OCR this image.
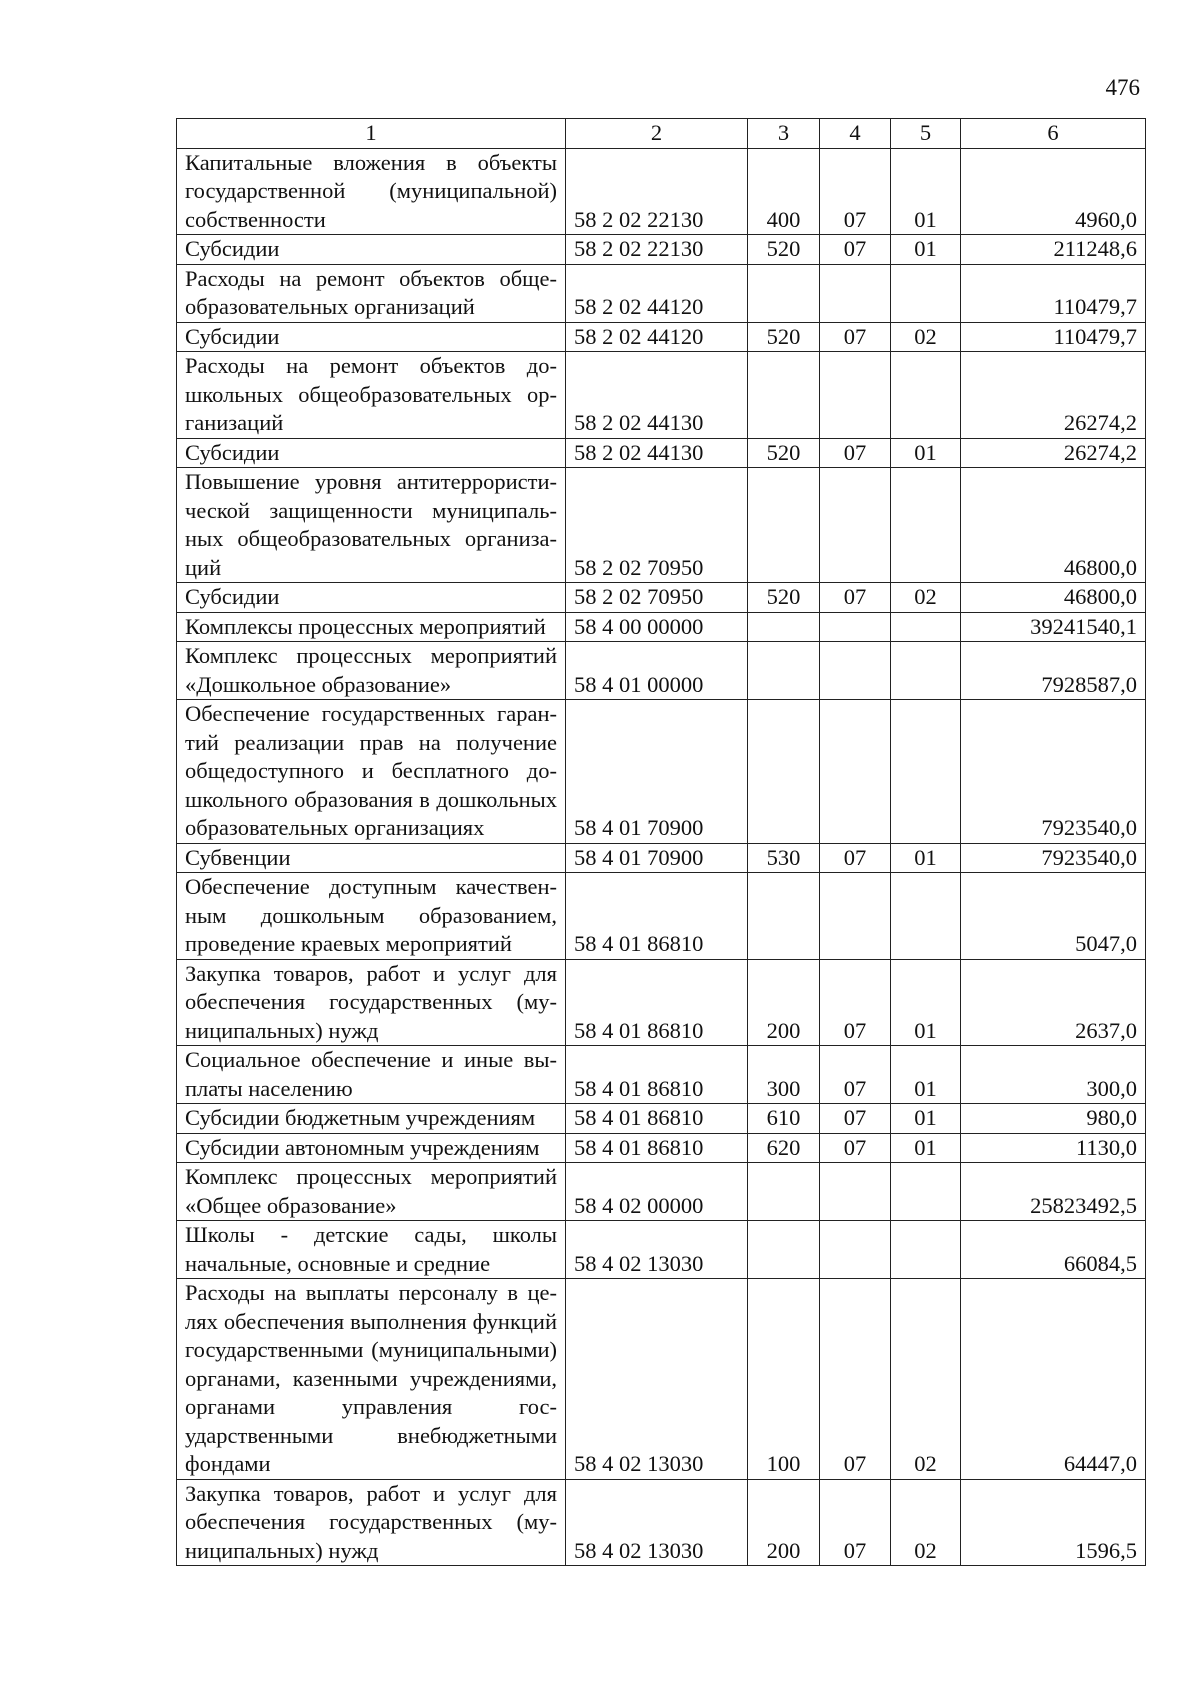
476
1	2	3	4	5	6
Капитальные вложения в объекты государственной (муниципальной) собственности	58 2 02 22130	400	07	01	4960,0
Субсидии	58 2 02 22130	520	07	01	211248,6
Расходы на ремонт объектов общеобразовательных организаций	58 2 02 44120				110479,7
Субсидии	58 2 02 44120	520	07	02	110479,7
Расходы на ремонт объектов дошкольных общеобразовательных организаций	58 2 02 44130				26274,2
Субсидии	58 2 02 44130	520	07	01	26274,2
Повышение уровня антитеррористической защищенности муниципальных общеобразовательных организаций	58 2 02 70950				46800,0
Субсидии	58 2 02 70950	520	07	02	46800,0
Комплексы процессных мероприятий	58 4 00 00000				39241540,1
Комплекс процессных мероприятий «Дошкольное образование»	58 4 01 00000				7928587,0
Обеспечение государственных гарантий реализации прав на получение общедоступного и бесплатного дошкольного образования в дошкольных образовательных организациях	58 4 01 70900				7923540,0
Субвенции	58 4 01 70900	530	07	01	7923540,0
Обеспечение доступным качественным дошкольным образованием, проведение краевых мероприятий	58 4 01 86810				5047,0
Закупка товаров, работ и услуг для обеспечения государственных (муниципальных) нужд	58 4 01 86810	200	07	01	2637,0
Социальное обеспечение и иные выплаты населению	58 4 01 86810	300	07	01	300,0
Субсидии бюджетным учреждениям	58 4 01 86810	610	07	01	980,0
Субсидии автономным учреждениям	58 4 01 86810	620	07	01	1130,0
Комплекс процессных мероприятий «Общее образование»	58 4 02 00000				25823492,5
Школы - детские сады, школы начальные, основные и средние	58 4 02 13030				66084,5
Расходы на выплаты персоналу в целях обеспечения выполнения функций государственными (муниципальными) органами, казенными учреждениями, органами управления государственными внебюджетными фондами	58 4 02 13030	100	07	02	64447,0
Закупка товаров, работ и услуг для обеспечения государственных (муниципальных) нужд	58 4 02 13030	200	07	02	1596,5
